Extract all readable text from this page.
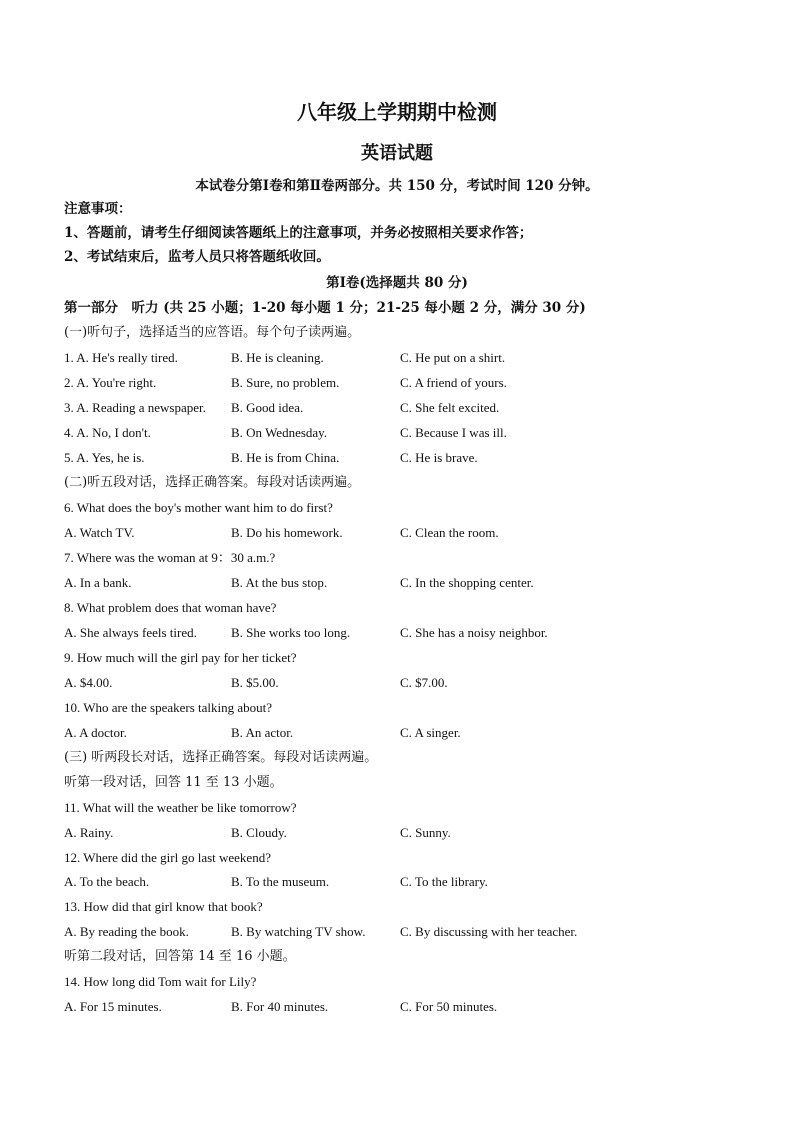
八年级上学期期中检测
英语试题
本试卷分第Ⅰ卷和第Ⅱ卷两部分。共 150 分，考试时间 120 分钟。
注意事项：
1、答题前，请考生仔细阅读答题纸上的注意事项，并务必按照相关要求作答；
2、考试结束后，监考人员只将答题纸收回。
第Ⅰ卷(选择题共 80 分)
第一部分　听力 (共 25 小题；1-20 每小题 1 分；21-25 每小题 2 分，满分 30 分)
(一)听句子，选择适当的应答语。每个句子读两遍。
1. A. He's really tired.	B. He is cleaning.	C. He put on a shirt.
2. A. You're right.	B. Sure, no problem.	C. A friend of yours.
3. A. Reading a newspaper. B. Good idea.	C. She felt excited.
4. A. No, I don't.	B. On Wednesday.	C. Because I was ill.
5. A. Yes, he is.	B. He is from China.	C. He is brave.
(二)听五段对话，选择正确答案。每段对话读两遍。
6. What does the boy's mother want him to do first?
A. Watch TV.	B. Do his homework.	C. Clean the room.
7. Where was the woman at 9：30 a.m.?
A. In a bank.	B. At the bus stop.	C. In the shopping center.
8. What problem does that woman have?
A. She always feels tired.	B. She works too long.	C. She has a noisy neighbor.
9. How much will the girl pay for her ticket?
A. $4.00.	B. $5.00.	C. $7.00.
10. Who are the speakers talking about?
A. A doctor.	B. An actor.	C. A singer.
(三) 听两段长对话，选择正确答案。每段对话读两遍。
听第一段对话，回答 11 至 13 小题。
11. What will the weather be like tomorrow?
A. Rainy.	B. Cloudy.	C. Sunny.
12. Where did the girl go last weekend?
A. To the beach.	B. To the museum.	C. To the library.
13. How did that girl know that book?
A. By reading the book.	B. By watching TV show.	C. By discussing with her teacher.
听第二段对话，回答第 14 至 16 小题。
14. How long did Tom wait for Lily?
A. For 15 minutes.	B. For 40 minutes.	C. For 50 minutes.
